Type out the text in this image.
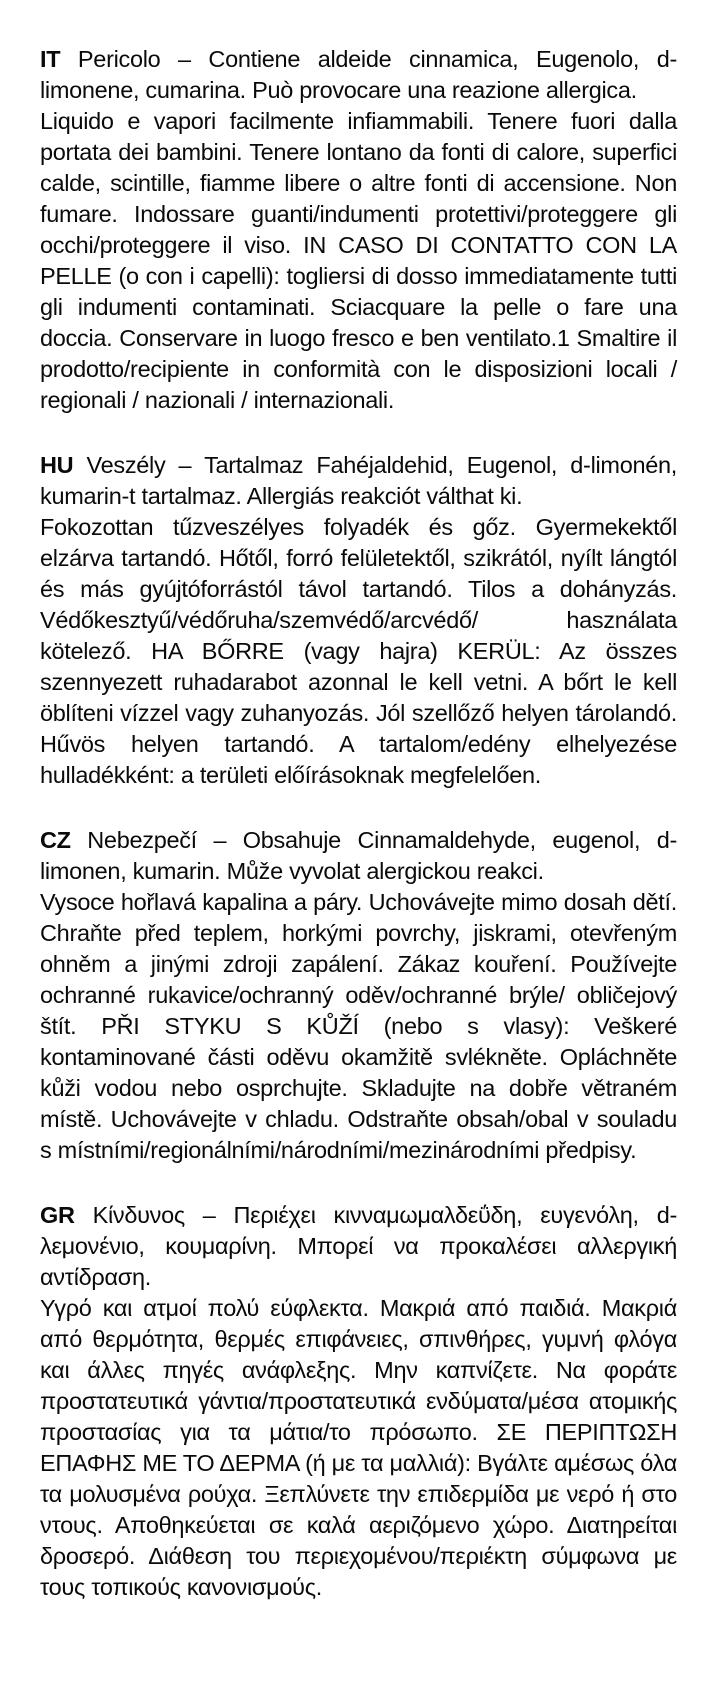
IT Pericolo – Contiene aldeide cinnamica, Eugenolo, d-limonene, cumarina. Può provocare una reazione allergica.
Liquido e vapori facilmente infiammabili. Tenere fuori dalla portata dei bambini. Tenere lontano da fonti di calore, superfici calde, scintille, fiamme libere o altre fonti di accensione. Non fumare. Indossare guanti/indumenti protettivi/proteggere gli occhi/proteggere il viso. IN CASO DI CONTATTO CON LA PELLE (o con i capelli): togliersi di dosso immediatamente tutti gli indumenti contaminati. Sciacquare la pelle o fare una doccia. Conservare in luogo fresco e ben ventilato.1 Smaltire il prodotto/recipiente in conformità con le disposizioni locali / regionali / nazionali / internazionali.

HU Veszély – Tartalmaz Fahéjaldehid, Eugenol, d-limonén, kumarin-t tartalmaz. Allergiás reakciót válthat ki.
Fokozottan tűzveszélyes folyadék és gőz. Gyermekektől elzárva tartandó. Hőtől, forró felületektől, szikrától, nyílt lángtól és más gyújtóforrástól távol tartandó. Tilos a dohányzás. Védőkesztyű/védőruha/szemvédő/arcvédő/ használata kötelező. HA BŐRRE (vagy hajra) KERÜL: Az összes szennyezett ruhadarabot azonnal le kell vetni. A bőrt le kell öblíteni vízzel vagy zuhanyozás. Jól szellőző helyen tárolandó. Hűvös helyen tartandó. A tartalom/edény elhelyezése hulladékként: a területi előírásoknak megfelelően.

CZ Nebezpečí – Obsahuje Cinnamaldehyde, eugenol, d-limonen, kumarin. Může vyvolat alergickou reakci.
Vysoce hořlavá kapalina a páry. Uchovávejte mimo dosah dětí. Chraňte před teplem, horkými povrchy, jiskrami, otevřeným ohněm a jinými zdroji zapálení. Zákaz kouření. Používejte ochranné rukavice/ochranný oděv/ochranné brýle/ obličejový štít. PŘI STYKU S KŮŽÍ (nebo s vlasy): Veškeré kontaminované části oděvu okamžitě svlékněte. Opláchněte kůži vodou nebo osprchujte. Skladujte na dobře větraném místě. Uchovávejte v chladu. Odstraňte obsah/obal v souladu s místními/regionálními/národními/mezinárodními předpisy.

GR Κίνδυνος – Περιέχει κινναμωμαλδεΰδη, ευγενόλη, d-λεμονένιο, κουμαρίνη. Μπορεί να προκαλέσει αλλεργική αντίδραση.
Υγρό και ατμοί πολύ εύφλεκτα. Μακριά από παιδιά. Μακριά από θερμότητα, θερμές επιφάνειες, σπινθήρες, γυμνή φλόγα και άλλες πηγές ανάφλεξης. Μην καπνίζετε. Να φοράτε προστατευτικά γάντια/προστατευτικά ενδύματα/μέσα ατομικής προστασίας για τα μάτια/το πρόσωπο. ΣΕ ΠΕΡΙΠΤΩΣΗ ΕΠΑΦΗΣ ΜΕ ΤΟ ΔΕΡΜΑ (ή με τα μαλλιά): Βγάλτε αμέσως όλα τα μολυσμένα ρούχα. Ξεπλύνετε την επιδερμίδα με νερό ή στο ντους. Αποθηκεύεται σε καλά αεριζόμενο χώρο. Διατηρείται δροσερό. Διάθεση του περιεχομένου/περιέκτη σύμφωνα με τους τοπικούς κανονισμούς.
